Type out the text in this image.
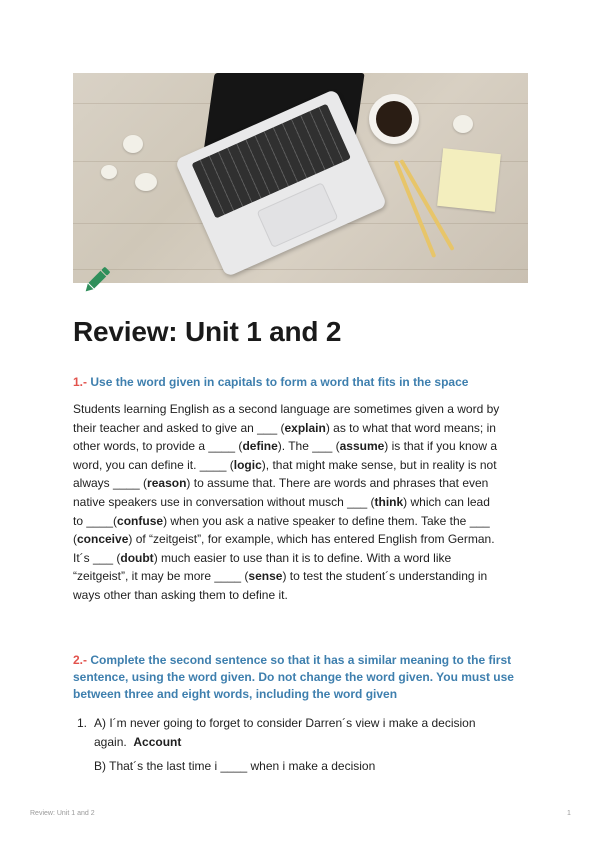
Review: Unit 1 and 2
1.- Use the word given in capitals to form a word that fits in the space
Students learning English as a second language are sometimes given a word by
their teacher and asked to give an ___ (explain) as to what that word means; in
other words, to provide a ____ (define). The ___ (assume) is that if you know a
word, you can define it. ____ (logic), that might make sense, but in reality is not
always ____ (reason) to assume that. There are words and phrases that even
native speakers use in conversation without musch ___ (think) which can lead
to ____(confuse) when you ask a native speaker to define them. Take the ___
(conceive) of “zeitgeist”, for example, which has entered English from German.
It´s ___ (doubt) much easier to use than it is to define. With a word like
“zeitgeist”, it may be more ____ (sense) to test the student´s understanding in
ways other than asking them to define it.
2.- Complete the second sentence so that it has a similar meaning to the first
sentence, using the word given. Do not change the word given. You must use
between three and eight words, including the word given
1. A) I´m never going to forget to consider Darren´s view i make a decision
again. Account
B) That´s the last time i ____ when i make a decision
Review: Unit 1 and 2	1
